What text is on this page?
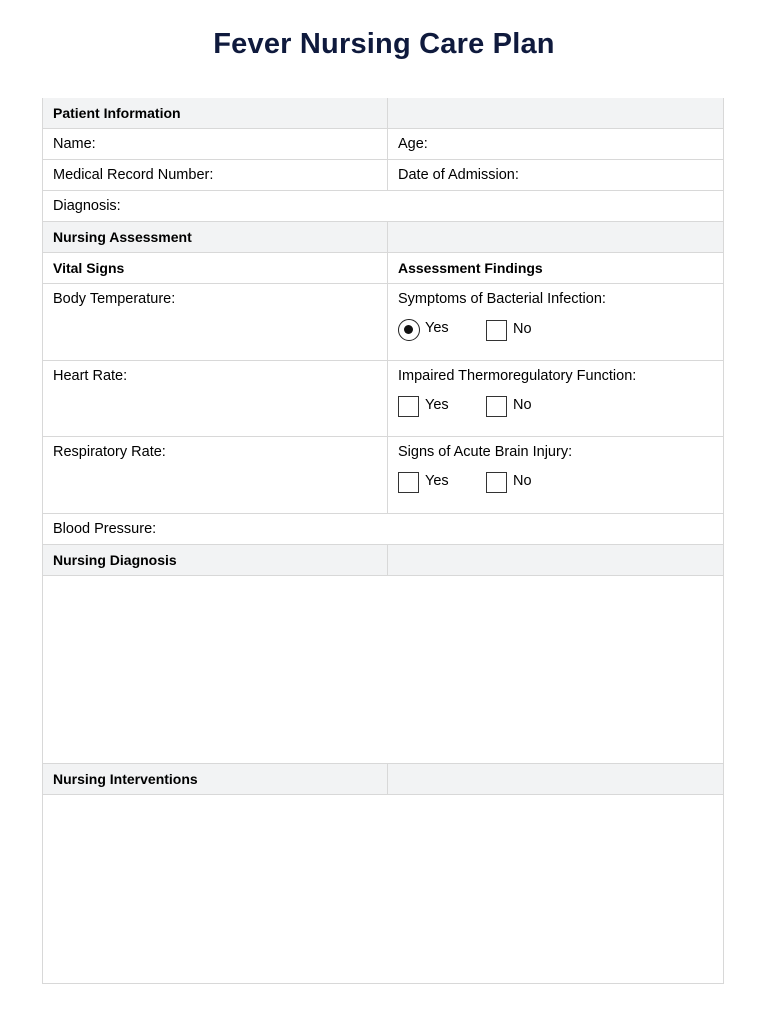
Fever Nursing Care Plan
Patient Information
Name:	Age:
Medical Record Number:	Date of Admission:
Diagnosis:
Nursing Assessment
Vital Signs	Assessment Findings
Body Temperature:	Symptoms of Bacterial Infection:
Yes	No
Heart Rate:	Impaired Thermoregulatory Function:
Yes	No
Respiratory Rate:	Signs of Acute Brain Injury:
Yes	No
Blood Pressure:
Nursing Diagnosis
Nursing Interventions
